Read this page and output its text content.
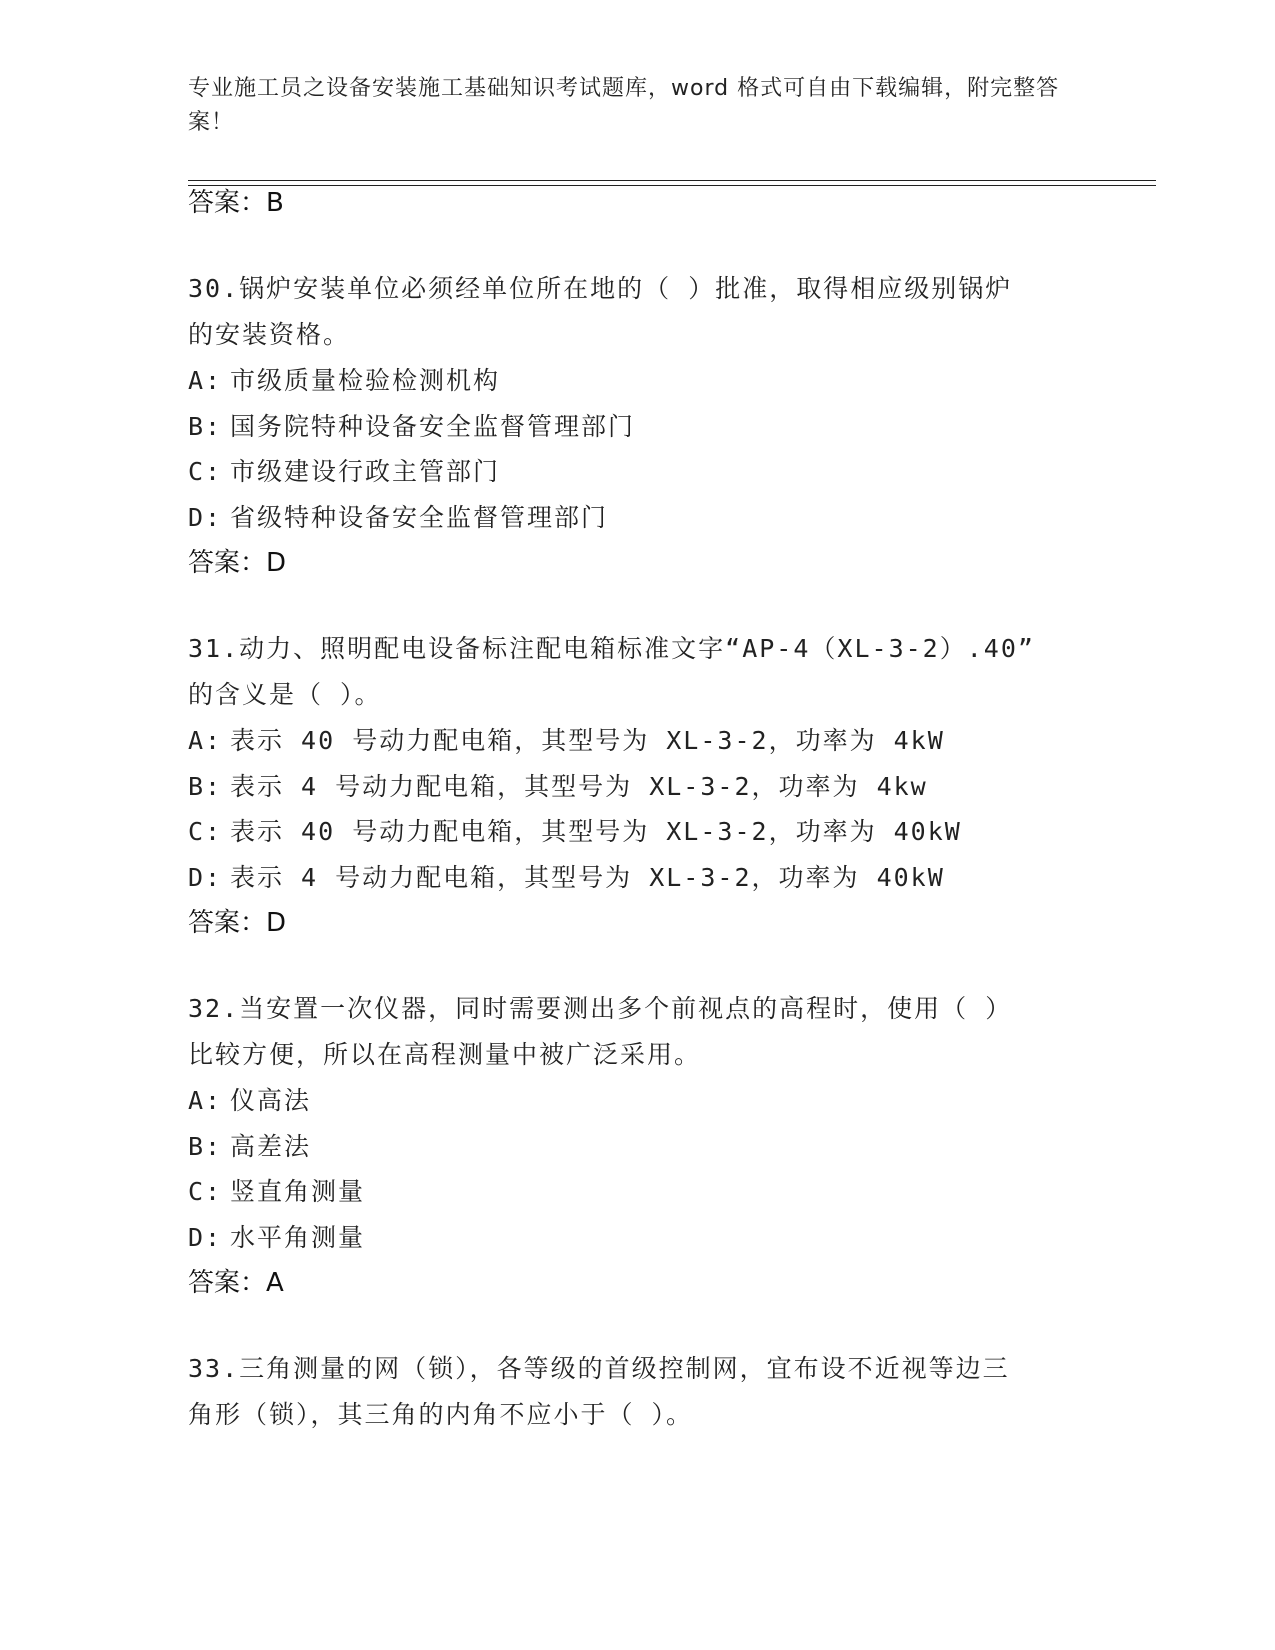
专业施工员之设备安装施工基础知识考试题库，word 格式可自由下载编辑，附完整答案！
答案：B
30.锅炉安装单位必须经单位所在地的（ ）批准，取得相应级别锅炉
的安装资格。
A: 市级质量检验检测机构
B: 国务院特种设备安全监督管理部门
C: 市级建设行政主管部门
D: 省级特种设备安全监督管理部门
答案：D
31.动力、照明配电设备标注配电箱标准文字“AP-4（XL-3-2）.40”
的含义是（ ）。
A: 表示 40 号动力配电箱，其型号为 XL-3-2，功率为 4kW
B: 表示 4 号动力配电箱，其型号为 XL-3-2，功率为 4kw
C: 表示 40 号动力配电箱，其型号为 XL-3-2，功率为 40kW
D: 表示 4 号动力配电箱，其型号为 XL-3-2，功率为 40kW
答案：D
32.当安置一次仪器，同时需要测出多个前视点的高程时，使用（ ）
比较方便，所以在高程测量中被广泛采用。
A: 仪高法
B: 高差法
C: 竖直角测量
D: 水平角测量
答案：A
33.三角测量的网（锁），各等级的首级控制网，宜布设不近视等边三
角形（锁），其三角的内角不应小于（ ）。
